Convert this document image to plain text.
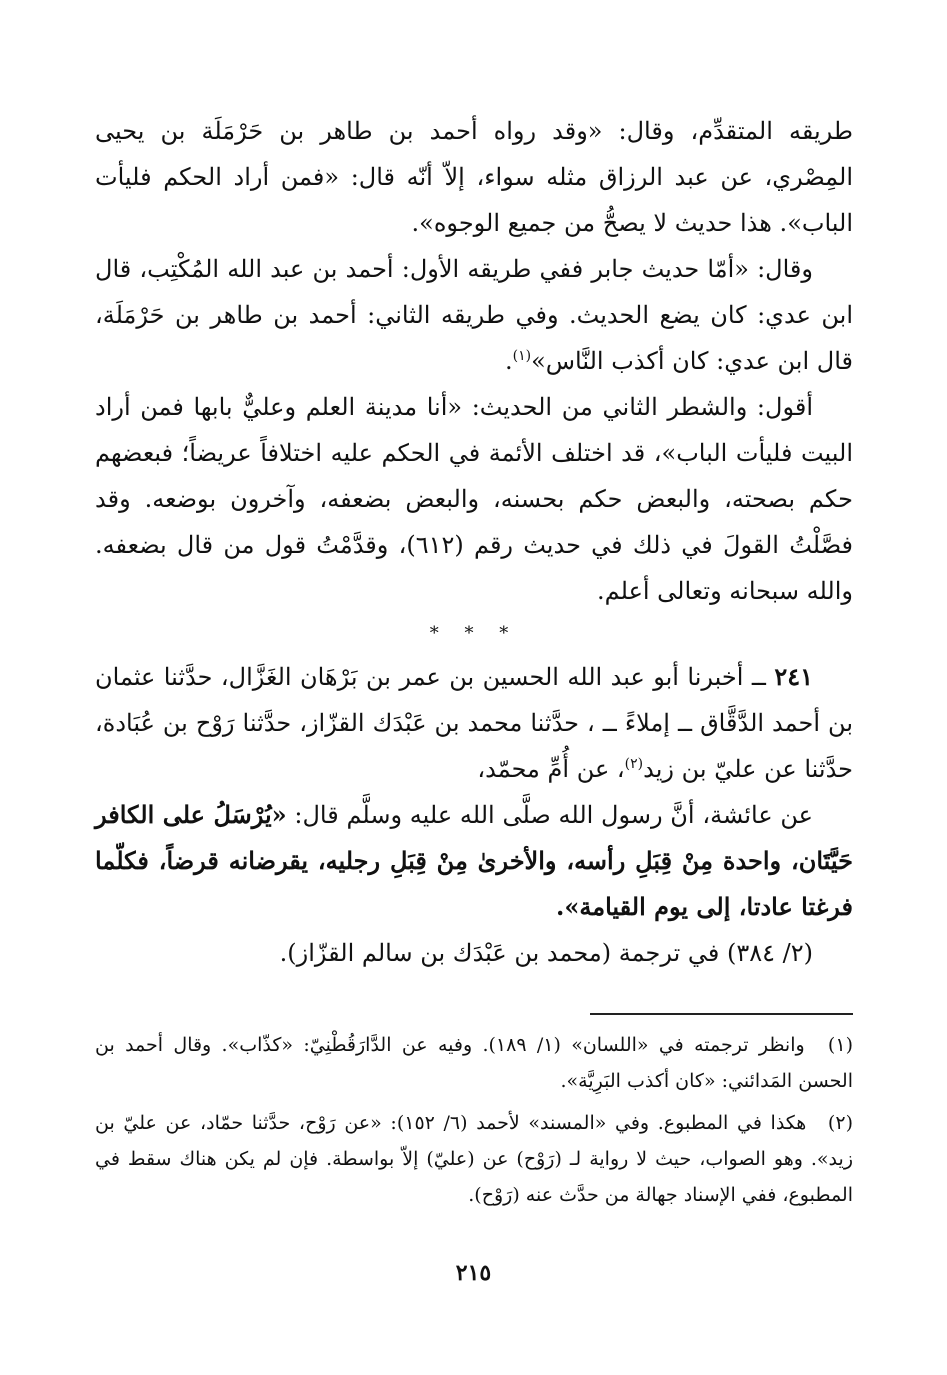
طريقه المتقدِّم، وقال: «وقد رواه أحمد بن طاهر بن حَرْمَلَة بن يحيى المِصْري، عن عبد الرزاق مثله سواء، إلاّ أنّه قال: «فمن أراد الحكم فليأت الباب». هذا حديث لا يصحُّ من جميع الوجوه».

وقال: «أمّا حديث جابر ففي طريقه الأول: أحمد بن عبد الله المُكْتِب، قال ابن عدي: كان يضع الحديث. وفي طريقه الثاني: أحمد بن طاهر بن حَرْمَلَة، قال ابن عدي: كان أكذب النَّاس»$^{(١)}$.

أقول: والشطر الثاني من الحديث: «أنا مدينة العلم وعليٌّ بابها فمن أراد البيت فليأت الباب»، قد اختلف الأئمة في الحكم عليه اختلافاً عريضاً؛ فبعضهم حكم بصحته، والبعض حكم بحسنه، والبعض بضعفه، وآخرون بوضعه. وقد فصَّلْتُ القولَ في ذلك في حديث رقم (٦١٢)، وقدَّمْتُ قول من قال بضعفه. والله سبحانه وتعالى أعلم.

* * *

٢٤١ ــ أخبرنا أبو عبد الله الحسين بن عمر بن بَرْهَان الغَزَّال، حدَّثنا عثمان بن أحمد الدَّقَّاق ــ إملاءً ــ ، حدَّثنا محمد بن عَبْدَك القزّاز، حدَّثنا رَوْح بن عُبَادة، حدَّثنا عن عليّ بن زيد$^{(٢)}$، عن أُمِّ محمّد،

عن عائشة، أنَّ رسول الله صلَّى الله عليه وسلَّم قال: «يُرْسَلُ على الكافر حَيَّتَان، واحدة مِنْ قِبَلِ رأسه، والأخرىٰ مِنْ قِبَلِ رجليه، يقرضانه قرضاً، فكلّما فرغتا عادتا، إلى يوم القيامة».

(٢/ ٣٨٤) في ترجمة (محمد بن عَبْدَك بن سالم القزّاز).

(١) وانظر ترجمته في «اللسان» (١/ ١٨٩). وفيه عن الدَّارَقُطْنِيّ: «كذّاب». وقال أحمد بن الحسن المَدائني: «كان أكذب البَرِيَّة».

(٢) هكذا في المطبوع. وفي «المسند» لأحمد (٦/ ١٥٢): «عن رَوْح، حدَّثنا حمّاد، عن عليّ بن زيد». وهو الصواب، حيث لا رواية لـ (رَوْح) عن (عليّ) إلاّ بواسطة. فإن لم يكن هناك سقط في المطبوع، ففي الإسناد جهالة من حدَّث عنه (رَوْح).

٢١٥
